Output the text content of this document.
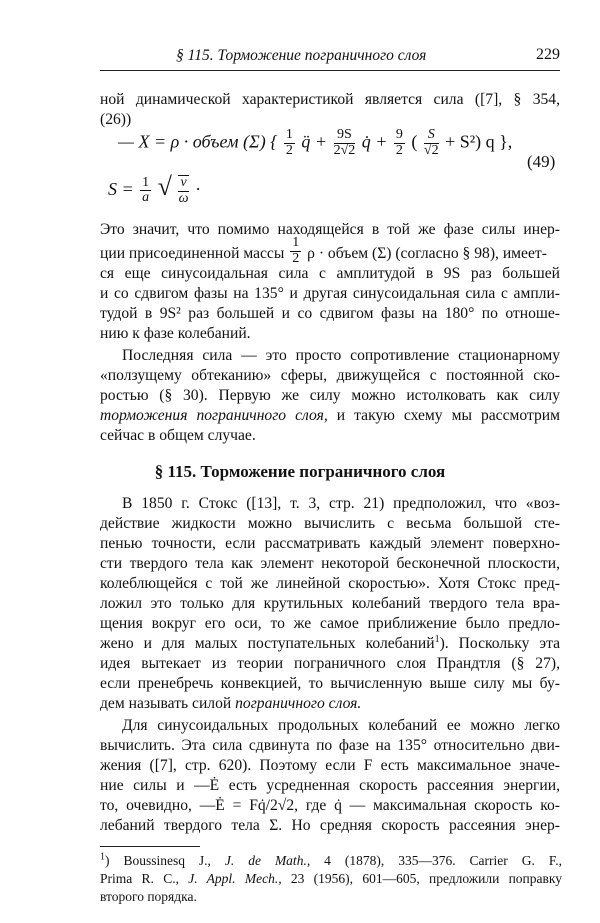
§ 115. Торможение пограничного слоя	229
ной динамической характеристикой является сила ([7], § 354,
(26))
— X = ρ · объем (Σ) { $\frac{1}{2}$ q̈ + $\frac{9S}{2√2}$ q̇ + $\frac{9}{2}$ ( $\frac{S}{√2} + S^2$) q },
$S = \frac{1}{a}$ √ $\frac{\nu}{\omega}$ ·
(49)
Это значит, что помимо находящейся в той же фазе силы инер-
ции присоединенной массы $\frac{1}{2}$ ρ · объем (Σ) (согласно § 98), имеет-
ся еще синусоидальная сила с амплитудой в 9S раз большей
и со сдвигом фазы на 135° и другая синусоидальная сила с ампли-
тудой в 9S² раз большей и со сдвигом фазы на 180° по отноше-
нию к фазе колебаний.
Последняя сила — это просто сопротивление стационарному
«ползущему обтеканию» сферы, движущейся с постоянной ско-
ростью (§ 30). Первую же силу можно истолковать как силу
торможения пограничного слоя, и такую схему мы рассмотрим
сейчас в общем случае.
§ 115. Торможение пограничного слоя
В 1850 г. Стокс ([13], т. 3, стр. 21) предположил, что «воз-
действие жидкости можно вычислить с весьма большой сте-
пенью точности, если рассматривать каждый элемент поверхно-
сти твердого тела как элемент некоторой бесконечной плоскости,
колеблющейся с той же линейной скоростью». Хотя Стокс пред-
ложил это только для крутильных колебаний твердого тела вра-
щения вокруг его оси, то же самое приближение было предло-
жено и для малых поступательных колебаний$^1$). Поскольку эта
идея вытекает из теории пограничного слоя Прандтля (§ 27),
если пренебречь конвекцией, то вычисленную выше силу мы бу-
дем называть силой пограничного слоя.
Для синусоидальных продольных колебаний ее можно легко
вычислить. Эта сила сдвинута по фазе на 135° относительно дви-
жения ([7], стр. 620). Поэтому если F есть максимальное значе-
ние силы и —Ė есть усредненная скорость рассеяния энергии,
то, очевидно, —Ė = Fq̇/2√2, где q̇ — максимальная скорость ко-
лебаний твердого тела Σ. Но средняя скорость рассеяния энер-
$^1$) Boussinesq J., J. de Math., 4 (1878), 335—376. Carrier G. F.,
Prima R. C., J. Appl. Mech., 23 (1956), 601—605, предложили поправку
второго порядка.
